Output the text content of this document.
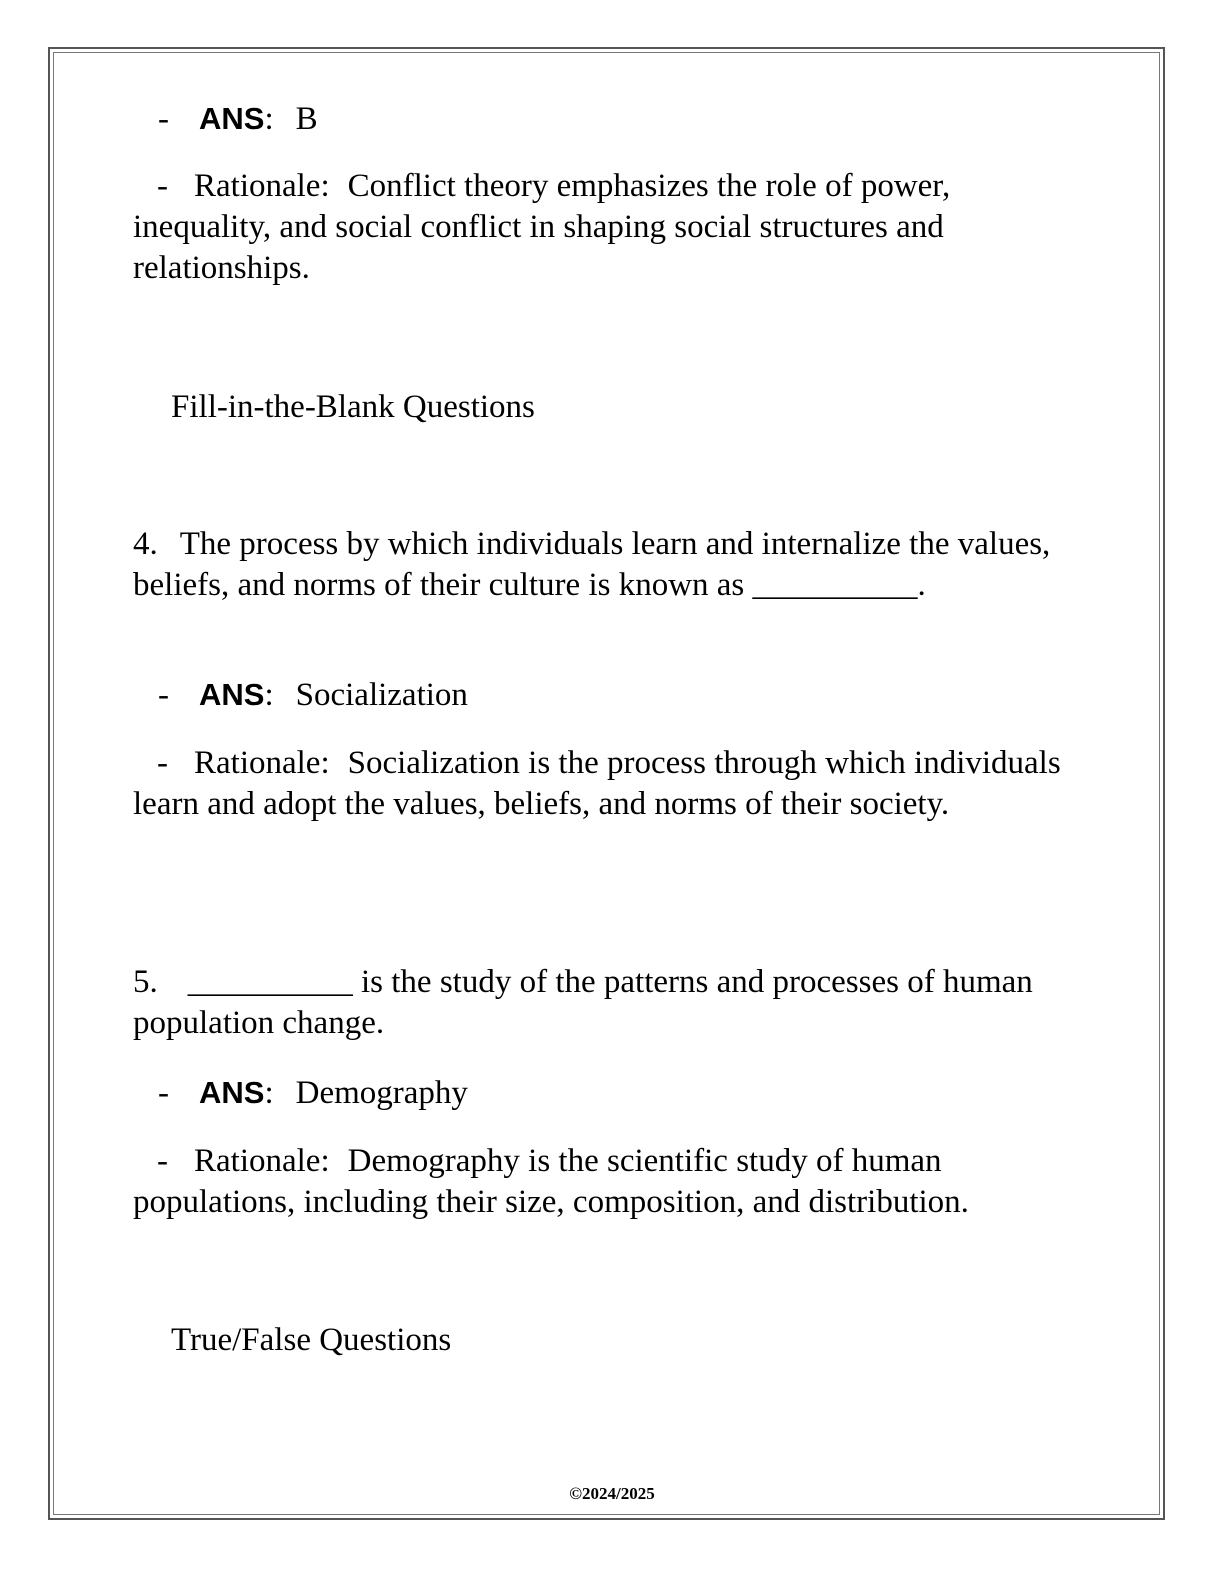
- ANS: B
- Rationale: Conflict theory emphasizes the role of power, inequality, and social conflict in shaping social structures and relationships.
Fill-in-the-Blank Questions
4. The process by which individuals learn and internalize the values, beliefs, and norms of their culture is known as __________.
- ANS: Socialization
- Rationale: Socialization is the process through which individuals learn and adopt the values, beliefs, and norms of their society.
5. __________ is the study of the patterns and processes of human population change.
- ANS: Demography
- Rationale: Demography is the scientific study of human populations, including their size, composition, and distribution.
True/False Questions
©2024/2025
